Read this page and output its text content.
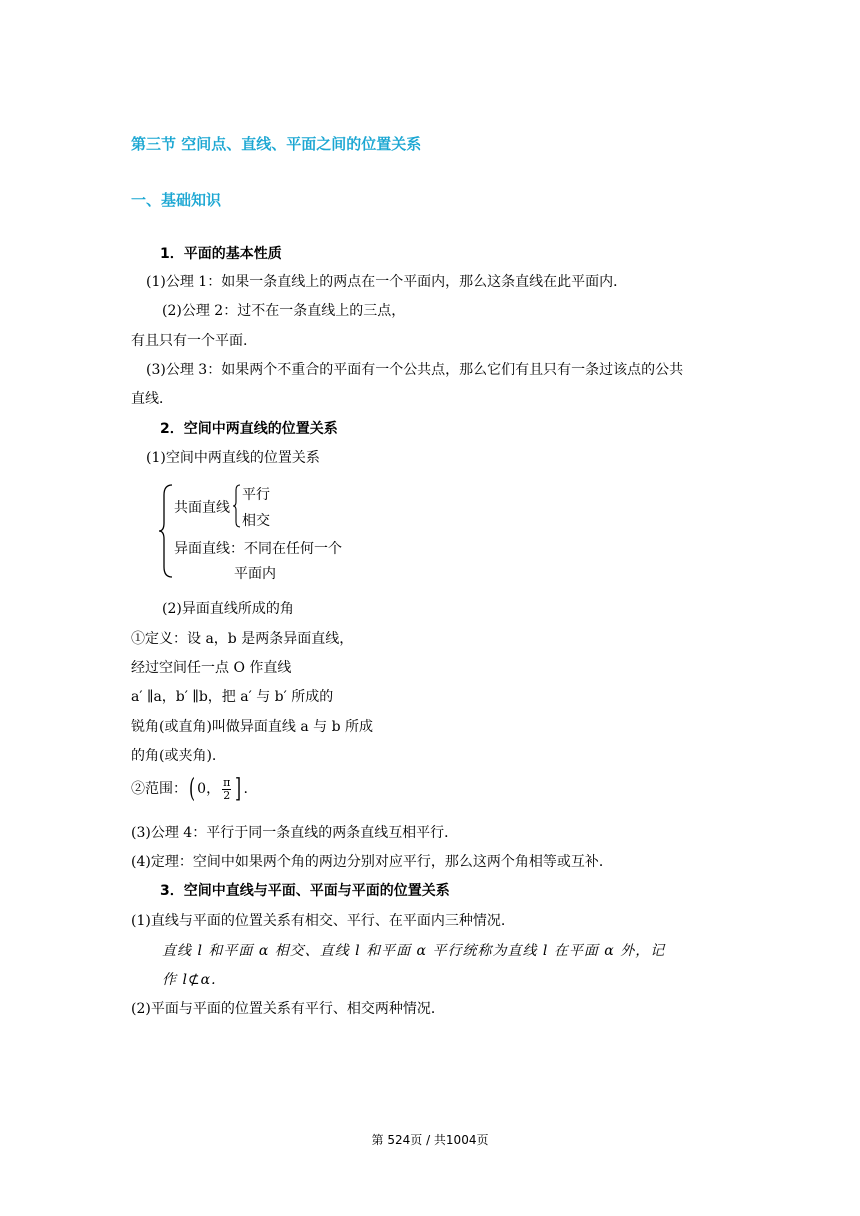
第三节 空间点、直线、平面之间的位置关系
一、基础知识
1．平面的基本性质
(1)公理 1：如果一条直线上的两点在一个平面内，那么这条直线在此平面内．
(2)公理 2：过不在一条直线上的三点，
有且只有一个平面.
(3)公理 3：如果两个不重合的平面有一个公共点，那么它们有且只有一条过该点的公共
直线．
2．空间中两直线的位置关系
(1)空间中两直线的位置关系
共面直线
平行
相交
异面直线：不同在任何一个
平面内
(2)异面直线所成的角
①定义：设 a，b 是两条异面直线，
经过空间任一点 O 作直线
a′ ∥a，b′ ∥b，把 a′ 与 b′ 所成的
锐角(或直角)叫做异面直线 a 与 b 所成
的角(或夹角).
②范围：( 0， $\frac{\pi}{2}$ ] .
(3)公理 4：平行于同一条直线的两条直线互相平行．
(4)定理：空间中如果两个角的两边分别对应平行，那么这两个角相等或互补．
3．空间中直线与平面、平面与平面的位置关系
(1)直线与平面的位置关系有相交、平行、在平面内三种情况.
直线 l 和平面 α 相交、直线 l 和平面 α 平行统称为直线 l 在平面 α 外，记
作 l⊄α.
(2)平面与平面的位置关系有平行、相交两种情况．
第 524页 / 共1004页
